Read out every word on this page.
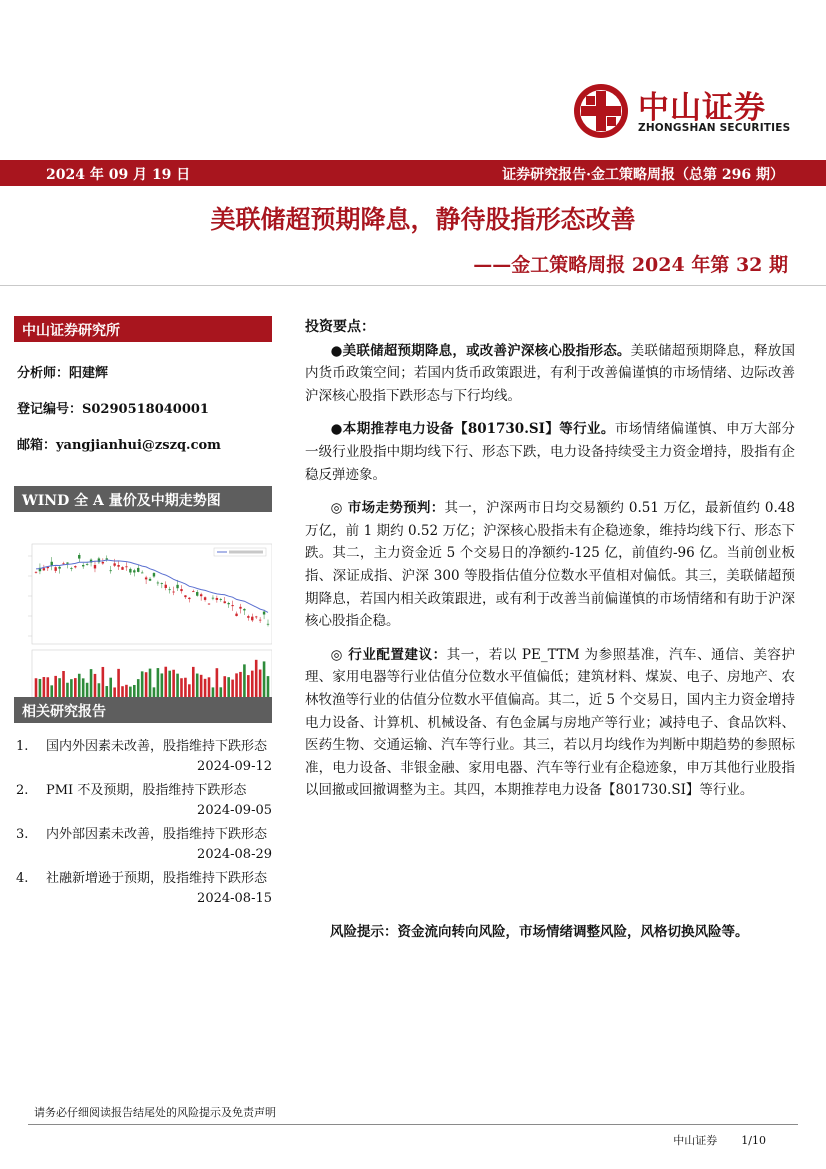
中山证券
ZHONGSHAN SECURITIES
2024 年 09 月 19 日	证券研究报告·金工策略周报（总第 296 期）
美联储超预期降息，静待股指形态改善
——金工策略周报 2024 年第 32 期
中山证券研究所
分析师：阳建辉
登记编号：S0290518040001
邮箱：yangjianhui@zszq.com
WIND 全 A 量价及中期走势图
相关研究报告
1. 国内外因素未改善，股指维持下跌形态
2024-09-12
2. PMI 不及预期，股指维持下跌形态
2024-09-05
3. 内外部因素未改善，股指维持下跌形态
2024-08-29
4. 社融新增逊于预期，股指维持下跌形态
2024-08-15
投资要点：

●美联储超预期降息，或改善沪深核心股指形态。美联储超预期降息，释放国内货币政策空间；若国内货币政策跟进，有利于改善偏谨慎的市场情绪、边际改善沪深核心股指下跌形态与下行均线。

●本期推荐电力设备【801730.SI】等行业。市场情绪偏谨慎、申万大部分一级行业股指中期均线下行、形态下跌，电力设备持续受主力资金增持，股指有企稳反弹迹象。

◎ 市场走势预判：其一，沪深两市日均交易额约 0.51 万亿，最新值约 0.48 万亿，前 1 期约 0.52 万亿；沪深核心股指未有企稳迹象，维持均线下行、形态下跌。其二，主力资金近 5 个交易日的净额约-125 亿，前值约-96 亿。当前创业板指、深证成指、沪深 300 等股指估值分位数水平值相对偏低。其三，美联储超预期降息，若国内相关政策跟进，或有利于改善当前偏谨慎的市场情绪和有助于沪深核心股指企稳。

◎ 行业配置建议：其一，若以 PE_TTM 为参照基准，汽车、通信、美容护理、家用电器等行业估值分位数水平值偏低；建筑材料、煤炭、电子、房地产、农林牧渔等行业的估值分位数水平值偏高。其二，近 5 个交易日，国内主力资金增持电力设备、计算机、机械设备、有色金属与房地产等行业；减持电子、食品饮料、医药生物、交通运输、汽车等行业。其三，若以月均线作为判断中期趋势的参照标准，电力设备、非银金融、家用电器、汽车等行业有企稳迹象，申万其他行业股指以回撤或回撤调整为主。其四，本期推荐电力设备【801730.SI】等行业。

风险提示：资金流向转向风险，市场情绪调整风险，风格切换风险等。
请务必仔细阅读报告结尾处的风险提示及免责声明
中山证券 1/10
